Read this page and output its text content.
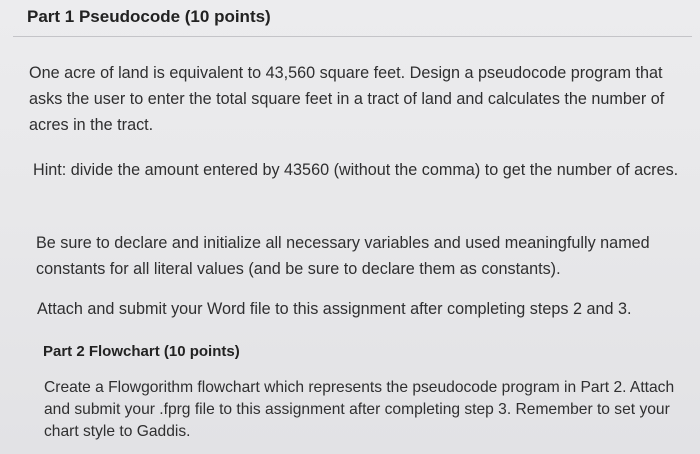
Part 1 Pseudocode (10 points)
One acre of land is equivalent to 43,560 square feet. Design a pseudocode program that asks the user to enter the total square feet in a tract of land and calculates the number of acres in the tract.
Hint: divide the amount entered by 43560 (without the comma) to get the number of acres.
Be sure to declare and initialize all necessary variables and used meaningfully named constants for all literal values (and be sure to declare them as constants).
Attach and submit your Word file to this assignment after completing steps 2 and 3.
Part 2 Flowchart (10 points)
Create a Flowgorithm flowchart which represents the pseudocode program in Part 2. Attach and submit your .fprg file to this assignment after completing step 3. Remember to set your chart style to Gaddis.
